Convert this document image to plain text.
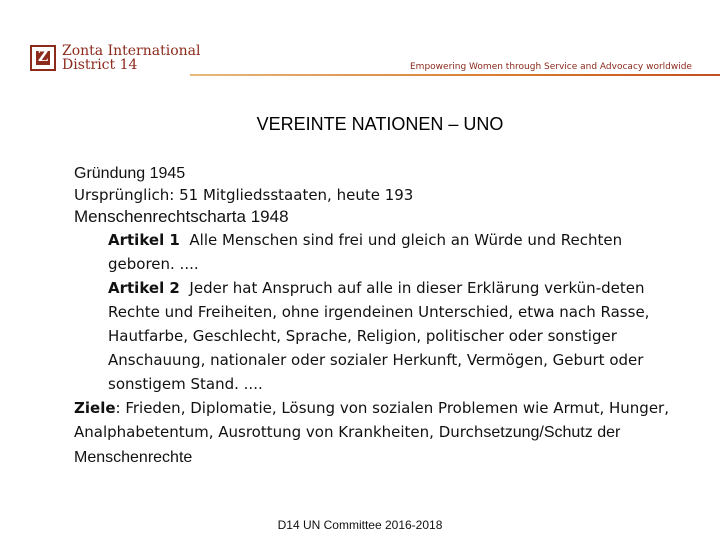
Z
Zonta International
District 14	Empowering Women through Service and Advocacy worldwide
VEREINTE NATIONEN – UNO
Gründung 1945
Ursprünglich: 51 Mitgliedsstaaten, heute 193
Menschenrechtscharta 1948
Artikel 1 Alle Menschen sind frei und gleich an Würde und Rechten geboren. ....
Artikel 2 Jeder hat Anspruch auf alle in dieser Erklärung verkün-deten Rechte und Freiheiten, ohne irgendeinen Unterschied, etwa nach Rasse, Hautfarbe, Geschlecht, Sprache, Religion, politischer oder sonstiger Anschauung, nationaler oder sozialer Herkunft, Vermögen, Geburt oder sonstigem Stand. ....
Ziele: Frieden, Diplomatie, Lösung von sozialen Problemen wie Armut, Hunger, Analphabetentum, Ausrottung von Krankheiten, Durchsetzung/Schutz derMenschenrechte
D14 UN Committee 2016-2018
